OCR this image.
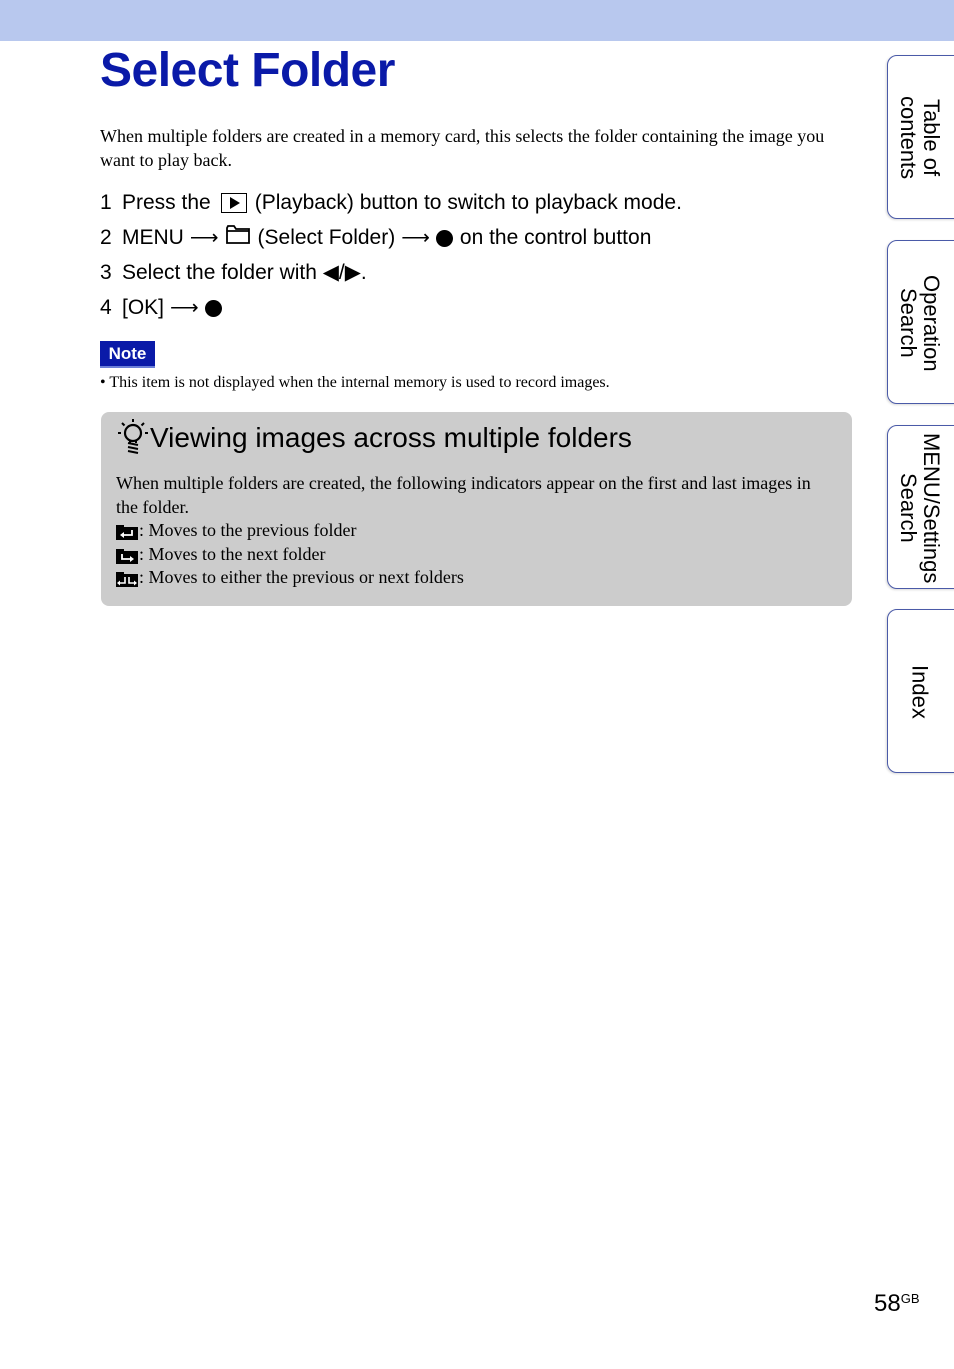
Select Folder
When multiple folders are created in a memory card, this selects the folder containing the image you want to play back.
1 Press the (Playback) button to switch to playback mode.
2 MENU ⟶ (Select Folder) ⟶ on the control button
3 Select the folder with ◀/▶.
4 [OK] ⟶
Note
• This item is not displayed when the internal memory is used to record images.
Viewing images across multiple folders
When multiple folders are created, the following indicators appear on the first and last images in the folder.
: Moves to the previous folder
: Moves to the next folder
: Moves to either the previous or next folders
Table of contents
Operation Search
MENU/Settings Search
Index
$58^{GB}$
